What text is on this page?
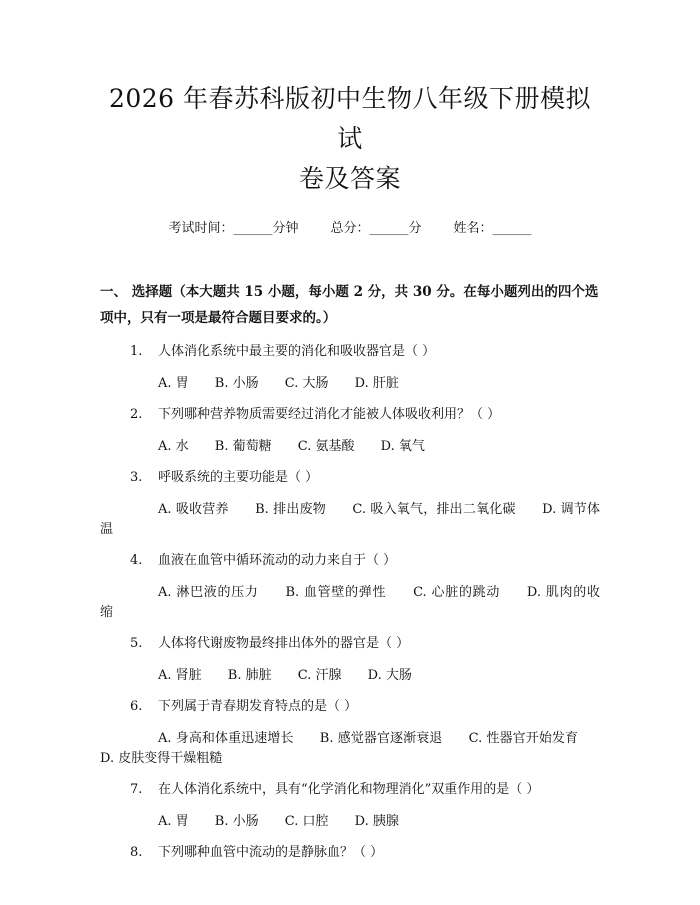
2026 年春苏科版初中生物八年级下册模拟试
卷及答案
考试时间：______分钟 总分：______分 姓名：______
一、 选择题（本大题共 15 小题，每小题 2 分，共 30 分。在每小题列出的四个选项中，只有一项是最符合题目要求的。）
1. 人体消化系统中最主要的消化和吸收器官是（ ）
A. 胃 B. 小肠 C. 大肠 D. 肝脏
2. 下列哪种营养物质需要经过消化才能被人体吸收利用？（ ）
A. 水 B. 葡萄糖 C. 氨基酸 D. 氧气
3. 呼吸系统的主要功能是（ ）
A. 吸收营养 B. 排出废物 C. 吸入氧气，排出二氧化碳 D. 调节体温
4. 血液在血管中循环流动的动力来自于（ ）
A. 淋巴液的压力 B. 血管壁的弹性 C. 心脏的跳动 D. 肌肉的收缩
5. 人体将代谢废物最终排出体外的器官是（ ）
A. 肾脏 B. 肺脏 C. 汗腺 D. 大肠
6. 下列属于青春期发育特点的是（ ）
A. 身高和体重迅速增长 B. 感觉器官逐渐衰退 C. 性器官开始发育 D. 皮肤变得干燥粗糙
7. 在人体消化系统中，具有“化学消化和物理消化”双重作用的是（ ）
A. 胃 B. 小肠 C. 口腔 D. 胰腺
8. 下列哪种血管中流动的是静脉血？（ ）
